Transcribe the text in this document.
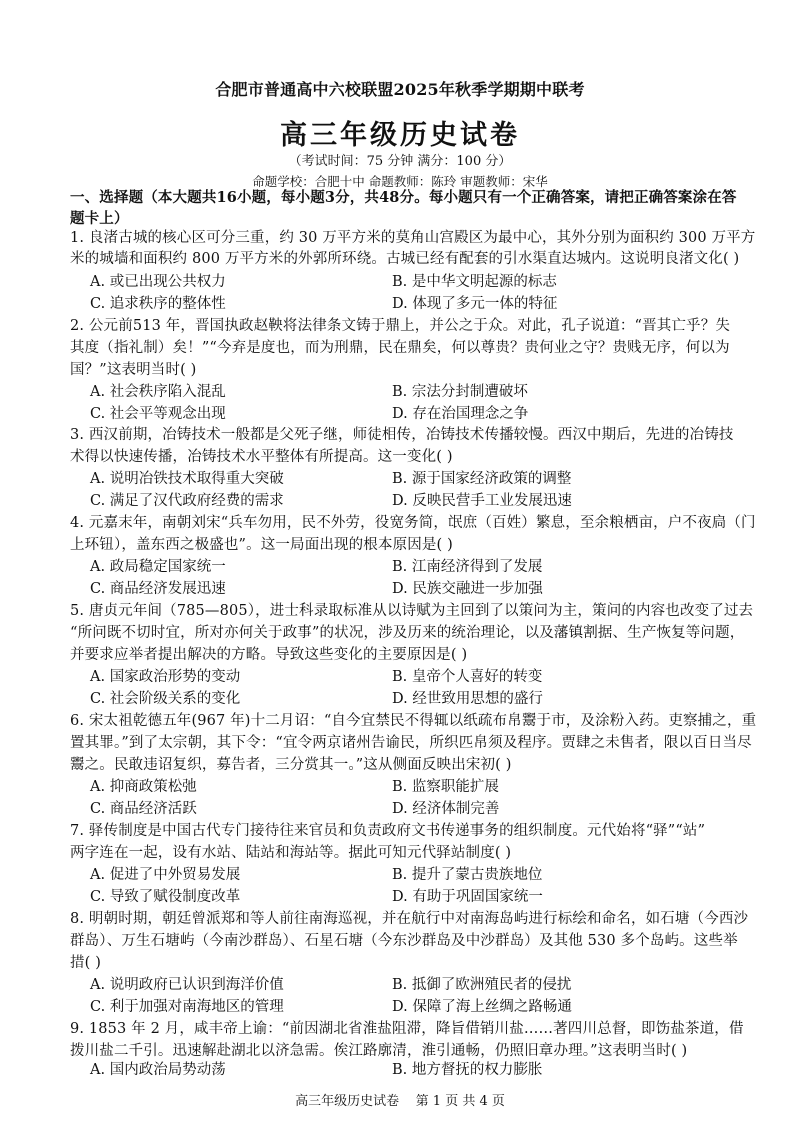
合肥市普通高中六校联盟2025年秋季学期期中联考
高三年级历史试卷
（考试时间：75 分钟 满分：100 分）
命题学校：合肥十中 命题教师：陈玲 审题教师：宋华
一、选择题（本大题共16小题，每小题3分，共48分。每小题只有一个正确答案，请把正确答案涂在答
题卡上）
1. 良渚古城的核心区可分三重，约 30 万平方米的莫角山宫殿区为最中心，其外分别为面积约 300 万平方
米的城墙和面积约 800 万平方米的外郭所环绕。古城已经有配套的引水渠直达城内。这说明良渚文化( )
A. 或已出现公共权力	B. 是中华文明起源的标志
C. 追求秩序的整体性	D. 体现了多元一体的特征
2. 公元前513 年，晋国执政赵鞅将法律条文铸于鼎上，并公之于众。对此，孔子说道：“晋其亡乎？失
其度（指礼制）矣！”“今弃是度也，而为刑鼎，民在鼎矣，何以尊贵？贵何业之守？贵贱无序，何以为
国？”这表明当时( )
A. 社会秩序陷入混乱	B. 宗法分封制遭破坏
C. 社会平等观念出现	D. 存在治国理念之争
3. 西汉前期，冶铸技术一般都是父死子继，师徒相传，冶铸技术传播较慢。西汉中期后，先进的冶铸技
术得以快速传播，冶铸技术水平整体有所提高。这一变化( )
A. 说明冶铁技术取得重大突破	B. 源于国家经济政策的调整
C. 满足了汉代政府经费的需求	D. 反映民营手工业发展迅速
4. 元嘉末年，南朝刘宋“兵车勿用，民不外劳，役宽务简，氓庶（百姓）繁息，至余粮栖亩，户不夜扃（门
上环钮），盖东西之极盛也”。这一局面出现的根本原因是( )
A. 政局稳定国家统一	B. 江南经济得到了发展
C. 商品经济发展迅速	D. 民族交融进一步加强
5. 唐贞元年间（785—805），进士科录取标准从以诗赋为主回到了以策问为主，策问的内容也改变了过去
“所问既不切时宜，所对亦何关于政事”的状况，涉及历来的统治理论，以及藩镇割据、生产恢复等问题，
并要求应举者提出解决的方略。导致这些变化的主要原因是( )
A. 国家政治形势的变动	B. 皇帝个人喜好的转变
C. 社会阶级关系的变化	D. 经世致用思想的盛行
6. 宋太祖乾德五年(967 年)十二月诏：“自今宜禁民不得辄以纸疏布帛鬻于市，及涂粉入药。吏察捕之，重
置其罪。”到了太宗朝，其下令：“宜令两京诸州告谕民，所织匹帛须及程序。贾肆之未售者，限以百日当尽
鬻之。民敢违诏复织，募告者，三分赏其一。”这从侧面反映出宋初( )
A. 抑商政策松弛	B. 监察职能扩展
C. 商品经济活跃	D. 经济体制完善
7. 驿传制度是中国古代专门接待往来官员和负责政府文书传递事务的组织制度。元代始将“驿”“站”
两字连在一起，设有水站、陆站和海站等。据此可知元代驿站制度( )
A. 促进了中外贸易发展	B. 提升了蒙古贵族地位
C. 导致了赋役制度改革	D. 有助于巩固国家统一
8. 明朝时期，朝廷曾派郑和等人前往南海巡视，并在航行中对南海岛屿进行标绘和命名，如石塘（今西沙
群岛）、万生石塘屿（今南沙群岛）、石星石塘（今东沙群岛及中沙群岛）及其他 530 多个岛屿。这些举
措( )
A. 说明政府已认识到海洋价值	B. 抵御了欧洲殖民者的侵扰
C. 利于加强对南海地区的管理	D. 保障了海上丝绸之路畅通
9. 1853 年 2 月，咸丰帝上谕：“前因湖北省淮盐阻滞，降旨借销川盐……著四川总督，即饬盐茶道，借
拨川盐二千引。迅速解赴湖北以济急需。俟江路廓清，淮引通畅，仍照旧章办理。”这表明当时( )
A. 国内政治局势动荡	B. 地方督抚的权力膨胀
高三年级历史试卷    第 1 页 共 4 页
